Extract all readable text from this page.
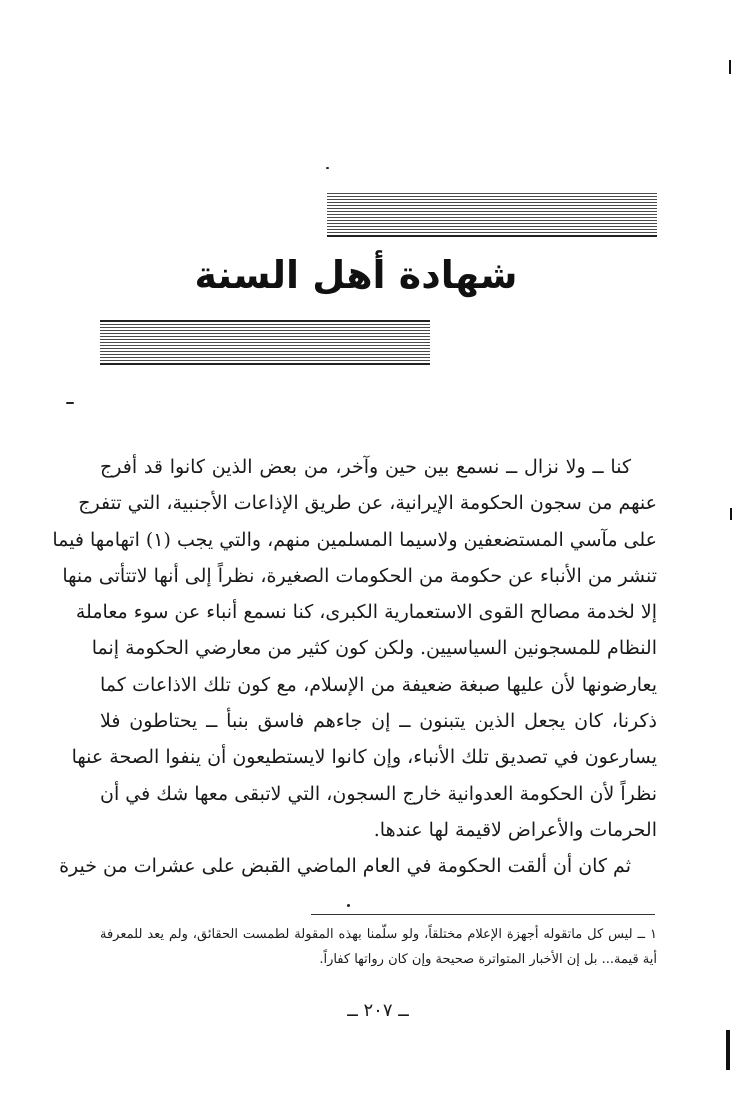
شهادة أهل السنة
كنا ــ ولا نزال ــ نسمع بين حين وآخر، من بعض الذين كانوا قد أفرج
عنهم من سجون الحكومة الإيرانية، عن طريق الإذاعات الأجنبية، التي تتفرج
على مآسي المستضعفين ولاسيما المسلمين منهم، والتي يجب (١) اتهامها فيما
تنشر من الأنباء عن حكومة من الحكومات الصغيرة، نظراً إلى أنها لاتتأتى منها
إلا لخدمة مصالح القوى الاستعمارية الكبرى، كنا نسمع أنباء عن سوء معاملة
النظام للمسجونين السياسيين. ولكن كون كثير من معارضي الحكومة إنما
يعارضونها لأن عليها صبغة ضعيفة من الإسلام، مع كون تلك الاذاعات كما
ذكرنا، كان يجعل الذين يتبنون ــ إن جاءهم فاسق بنبأ ــ يحتاطون فلا
يسارعون في تصديق تلك الأنباء، وإن كانوا لايستطيعون أن ينفوا الصحة عنها
نظراً لأن الحكومة العدوانية خارج السجون، التي لاتبقى معها شك في أن
الحرمات والأعراض لاقيمة لها عندها.
ثم كان أن ألقت الحكومة في العام الماضي القبض على عشرات من خيرة
١ ــ ليس كل ماتقوله أجهزة الإعلام مختلقاً، ولو سلّمنا بهذه المقولة لطمست الحقائق، ولم يعد للمعرفة
أية قيمة... بل إن الأخبار المتواترة صحيحة وإن كان رواتها كفاراً.
ــ ٢٠٧ ــ
